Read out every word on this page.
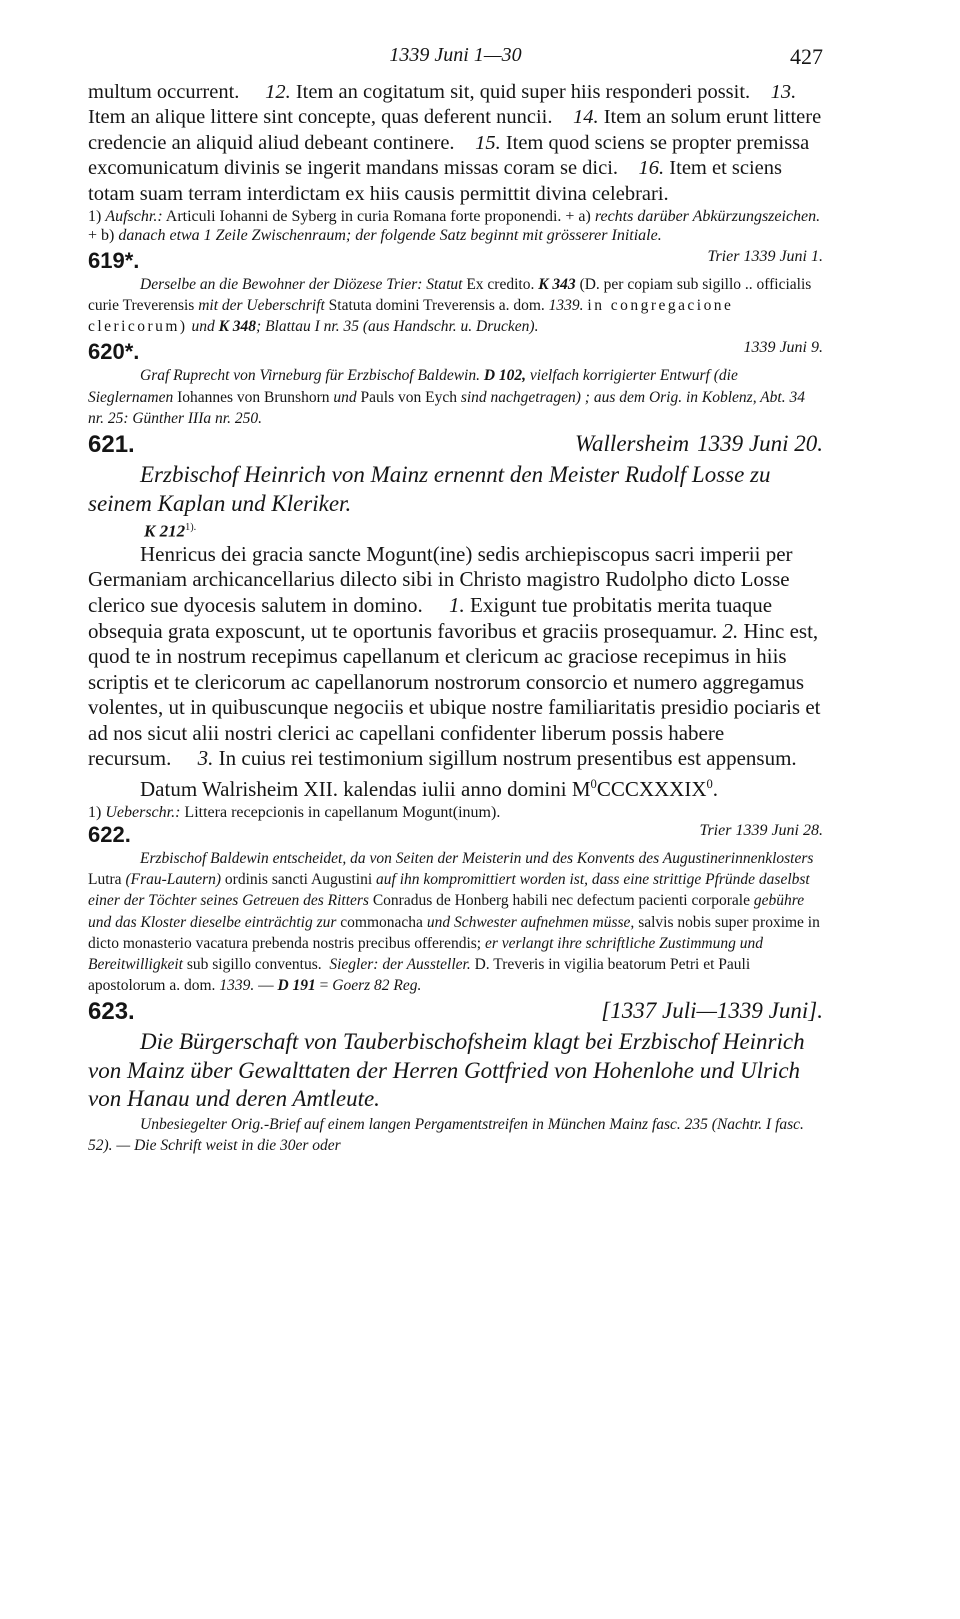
1339 Juni 1—30	427

multum occurrent. 12. Item an cogitatum sit, quid super hiis responderi possit. 13. Item an alique littere sint concepte, quas deferent nuncii. 14. Item an solum erunt littere credencie an aliquid aliud debeant continere. 15. Item quod sciens se propter premissa excomunicatum divinis se ingerit mandans missas coram se dici. 16. Item et sciens totam suam terram interdictam ex hiis causis permittit divina celebrari.

1) Aufschr.: Articuli Iohanni de Syberg in curia Romana forte proponendi. + a) rechts darüber Abkürzungszeichen. + b) danach etwa 1 Zeile Zwischenraum; der folgende Satz beginnt mit grösserer Initiale.

619*.	Trier 1339 Juni 1.

Derselbe an die Bewohner der Diözese Trier: Statut Ex credito. K 343 (D. per copiam sub sigillo .. officialis curie Treverensis mit der Ueberschrift Statuta domini Treverensis a. dom. 1339. in congregacione clericorum) und K 348; Blattau I nr. 35 (aus Handschr. u. Drucken).

620*.	1339 Juni 9.

Graf Ruprecht von Virneburg für Erzbischof Baldewin. D 102, vielfach korrigierter Entwurf (die Sieglernamen Iohannes von Brunshorn und Pauls von Eych sind nachgetragen) ; aus dem Orig. in Koblenz, Abt. 34 nr. 25: Günther IIIa nr. 250.

621.	Wallersheim 1339 Juni 20.

Erzbischof Heinrich von Mainz ernennt den Meister Rudolf Losse zu seinem Kaplan und Kleriker.

K $212^{1).}$

Henricus dei gracia sancte Mogunt(ine) sedis archiepiscopus sacri imperii per Germaniam archicancellarius dilecto sibi in Christo magistro Rudolpho dicto Losse clerico sue dyocesis salutem in domino. 1. Exigunt tue probitatis merita tuaque obsequia grata exposcunt, ut te oportunis favoribus et graciis prosequamur. 2. Hinc est, quod te in nostrum recepimus capellanum et clericum ac graciose recepimus in hiis scriptis et te clericorum ac capellanorum nostrorum consorcio et numero aggregamus volentes, ut in quibuscunque negociis et ubique nostre familiaritatis presidio pociaris et ad nos sicut alii nostri clerici ac capellani confidenter liberum possis habere recursum. 3. In cuius rei testimonium sigillum nostrum presentibus est appensum.

Datum Walrisheim XII. kalendas iulii anno domini $M^0CCCXXXIX^0$.

1) Ueberschr.: Littera recepcionis in capellanum Mogunt(inum).

622.	Trier 1339 Juni 28.

Erzbischof Baldewin entscheidet, da von Seiten der Meisterin und des Konvents des Augustinerinnenklosters Lutra (Frau-Lautern) ordinis sancti Augustini auf ihn kompromittiert worden ist, dass eine strittige Pfründe daselbst einer der Töchter seines Getreuen des Ritters Conradus de Honberg habili nec defectum pacienti corporale gebühre und das Kloster dieselbe einträchtig zur commonacha und Schwester aufnehmen müsse, salvis nobis super proxime in dicto monasterio vacatura prebenda nostris precibus offerendis; er verlangt ihre schriftliche Zustimmung und Bereitwilligkeit sub sigillo conventus. Siegler: der Aussteller. D. Treveris in vigilia beatorum Petri et Pauli apostolorum a. dom. 1339. — D 191 = Goerz 82 Reg.

623.	[1337 Juli—1339 Juni].

Die Bürgerschaft von Tauberbischofsheim klagt bei Erzbischof Heinrich von Mainz über Gewalttaten der Herren Gottfried von Hohenlohe und Ulrich von Hanau und deren Amtleute.

Unbesiegelter Orig.-Brief auf einem langen Pergamentstreifen in München Mainz fasc. 235 (Nachtr. I fasc. 52). — Die Schrift weist in die 30er oder
